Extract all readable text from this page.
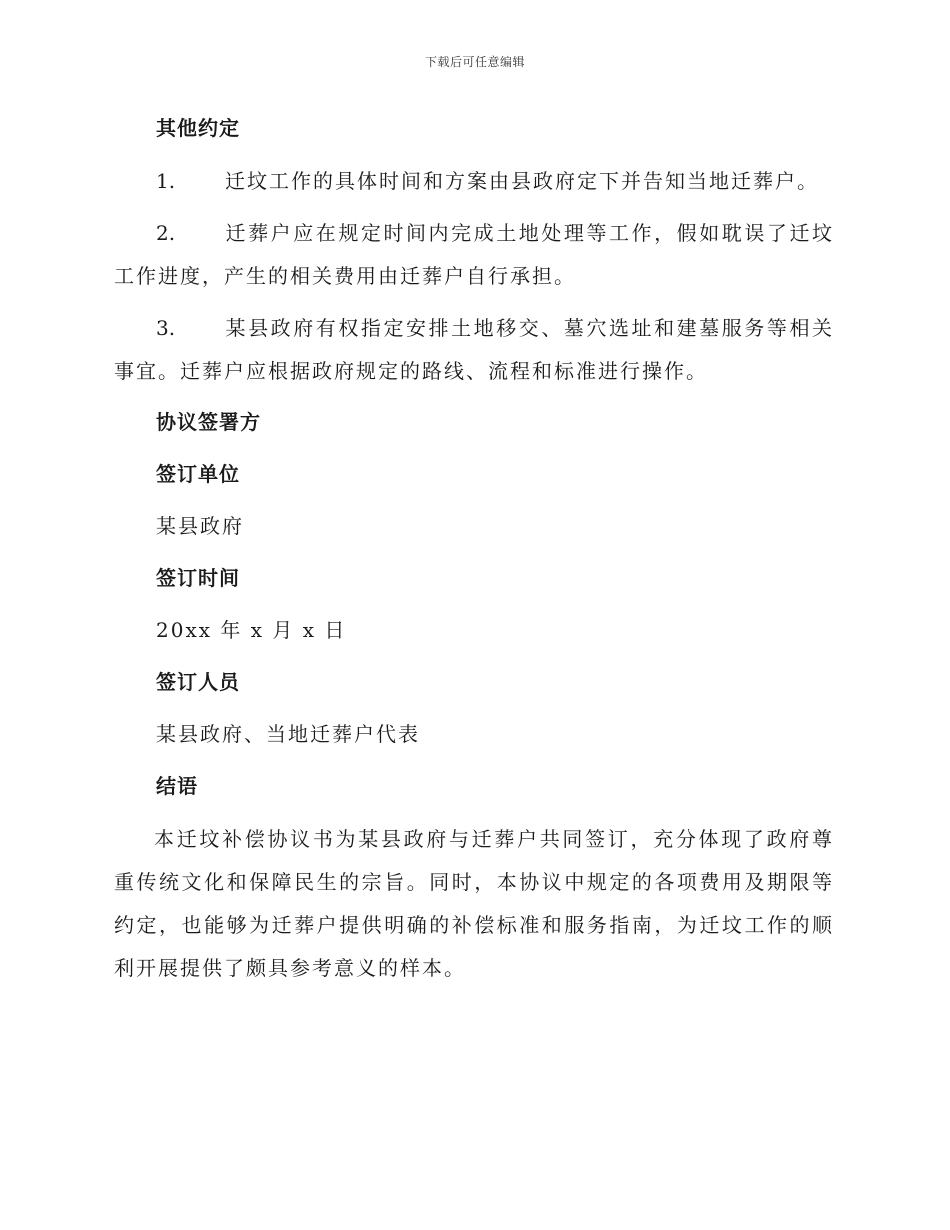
下载后可任意编辑
其他约定
1. 迁坟工作的具体时间和方案由县政府定下并告知当地迁葬户。
2. 迁葬户应在规定时间内完成土地处理等工作，假如耽误了迁坟工作进度，产生的相关费用由迁葬户自行承担。
3. 某县政府有权指定安排土地移交、墓穴选址和建墓服务等相关事宜。迁葬户应根据政府规定的路线、流程和标准进行操作。
协议签署方
签订单位
某县政府
签订时间
20xx 年 x 月 x 日
签订人员
某县政府、当地迁葬户代表
结语
本迁坟补偿协议书为某县政府与迁葬户共同签订，充分体现了政府尊重传统文化和保障民生的宗旨。同时，本协议中规定的各项费用及期限等约定，也能够为迁葬户提供明确的补偿标准和服务指南，为迁坟工作的顺利开展提供了颇具参考意义的样本。
